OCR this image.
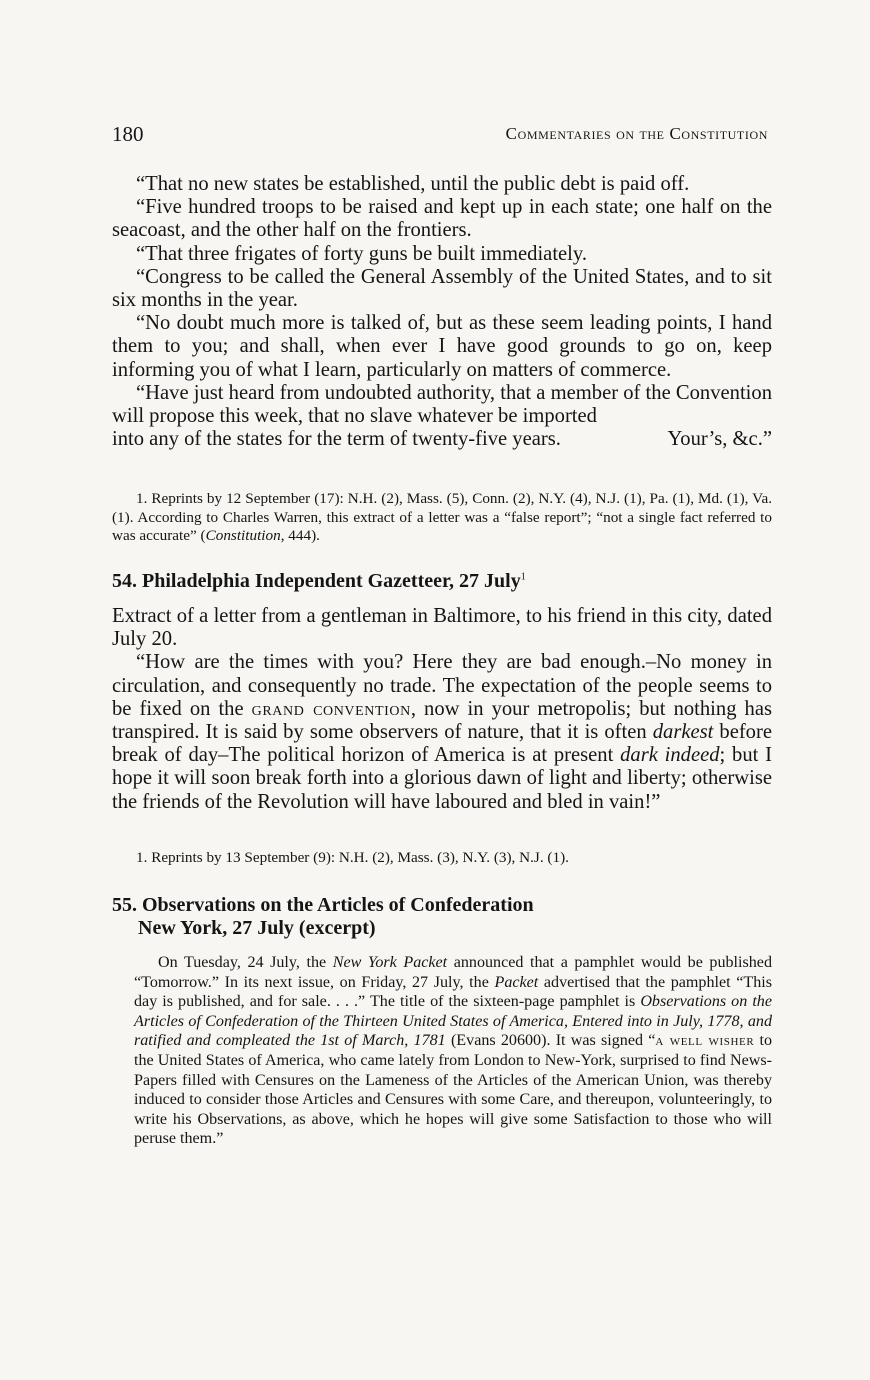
180	Commentaries on the Constitution

“That no new states be established, until the public debt is paid off.

“Five hundred troops to be raised and kept up in each state; one half on the seacoast, and the other half on the frontiers.

“That three frigates of forty guns be built immediately.

“Congress to be called the General Assembly of the United States, and to sit six months in the year.

“No doubt much more is talked of, but as these seem leading points, I hand them to you; and shall, when ever I have good grounds to go on, keep informing you of what I learn, particularly on matters of commerce.

“Have just heard from undoubted authority, that a member of the Convention will propose this week, that no slave whatever be imported

into any of the states for the term of twenty-five years.	Your’s, &c.”

1. Reprints by 12 September (17): N.H. (2), Mass. (5), Conn. (2), N.Y. (4), N.J. (1), Pa. (1), Md. (1), Va. (1). According to Charles Warren, this extract of a letter was a “false report”; “not a single fact referred to was accurate” (Constitution, 444).

54. Philadelphia Independent Gazetteer, 27 July$^1$

Extract of a letter from a gentleman in Baltimore, to his friend in this city, dated July 20.

“How are the times with you? Here they are bad enough.–No money in circulation, and consequently no trade. The expectation of the people seems to be fixed on the grand convention, now in your metropolis; but nothing has transpired. It is said by some observers of nature, that it is often darkest before break of day–The political horizon of America is at present dark indeed; but I hope it will soon break forth into a glorious dawn of light and liberty; otherwise the friends of the Revolution will have laboured and bled in vain!”

1. Reprints by 13 September (9): N.H. (2), Mass. (3), N.Y. (3), N.J. (1).

55. Observations on the Articles of Confederation

New York, 27 July (excerpt)

On Tuesday, 24 July, the New York Packet announced that a pamphlet would be published “Tomorrow.” In its next issue, on Friday, 27 July, the Packet advertised that the pamphlet “This day is published, and for sale. . . .” The title of the sixteen-page pamphlet is Observations on the Articles of Confederation of the Thirteen United States of America, Entered into in July, 1778, and ratified and compleated the 1st of March, 1781 (Evans 20600). It was signed “a well wisher to the United States of America, who came lately from London to New-York, surprised to find News-Papers filled with Censures on the Lameness of the Articles of the American Union, was thereby induced to consider those Articles and Censures with some Care, and thereupon, volunteeringly, to write his Observations, as above, which he hopes will give some Satisfaction to those who will peruse them.”
